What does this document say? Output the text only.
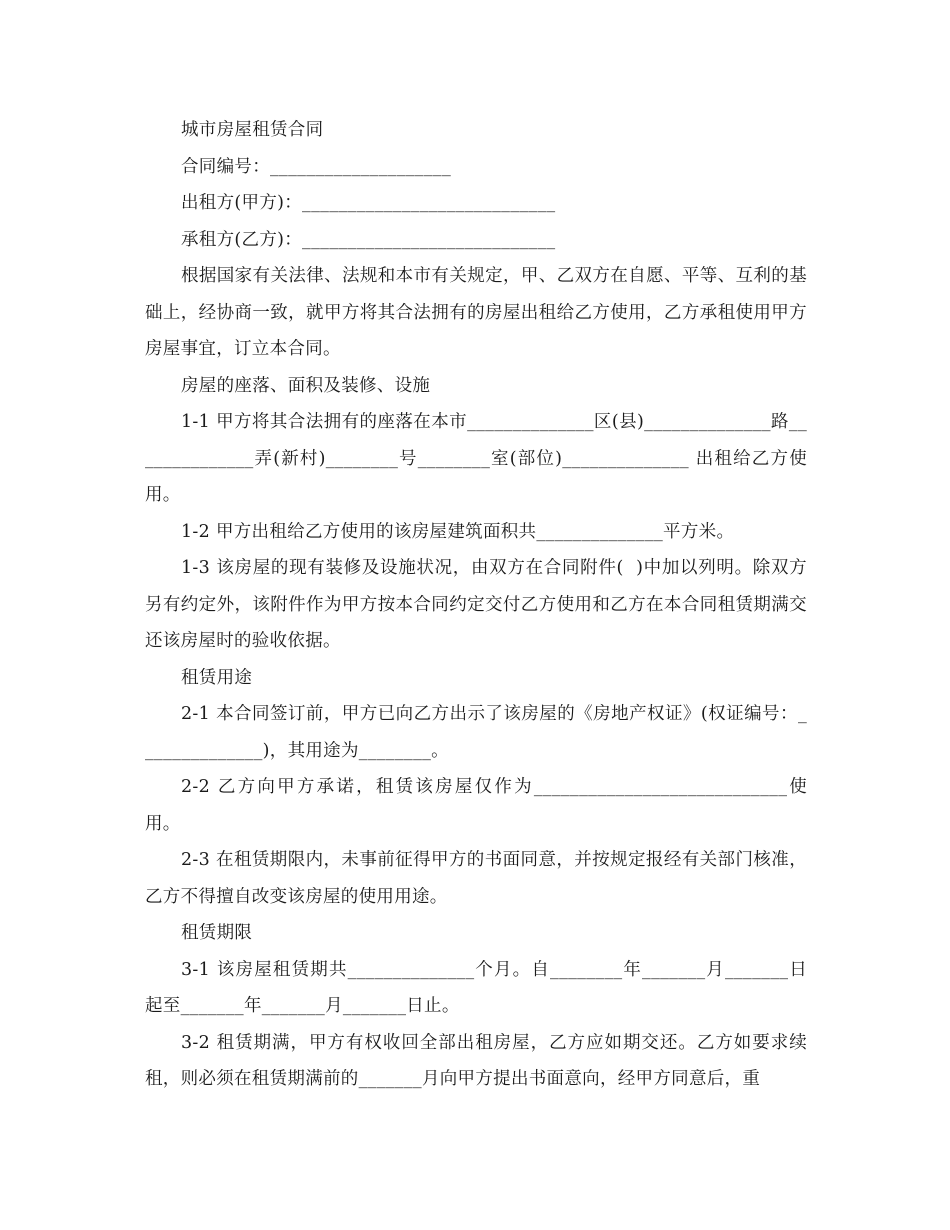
城市房屋租赁合同

合同编号：____________________

出租方(甲方)：____________________________

承租方(乙方)：____________________________

根据国家有关法律、法规和本市有关规定，甲、乙双方在自愿、平等、互利的基础上，经协商一致，就甲方将其合法拥有的房屋出租给乙方使用，乙方承租使用甲方房屋事宜，订立本合同。

房屋的座落、面积及装修、设施

1-1 甲方将其合法拥有的座落在本市______________区(县)______________路______________弄(新村)________号________室(部位)______________ 出租给乙方使用。

1-2 甲方出租给乙方使用的该房屋建筑面积共______________平方米。

1-3 该房屋的现有装修及设施状况，由双方在合同附件(  )中加以列明。除双方另有约定外，该附件作为甲方按本合同约定交付乙方使用和乙方在本合同租赁期满交还该房屋时的验收依据。

租赁用途

2-1 本合同签订前，甲方已向乙方出示了该房屋的《房地产权证》(权证编号：______________)，其用途为________。

2-2 乙方向甲方承诺，租赁该房屋仅作为____________________________使用。

2-3 在租赁期限内，未事前征得甲方的书面同意，并按规定报经有关部门核准，乙方不得擅自改变该房屋的使用用途。

租赁期限

3-1 该房屋租赁期共______________个月。自________年_______月_______日起至_______年_______月_______日止。

3-2 租赁期满，甲方有权收回全部出租房屋，乙方应如期交还。乙方如要求续租，则必须在租赁期满前的_______月向甲方提出书面意向，经甲方同意后，重
